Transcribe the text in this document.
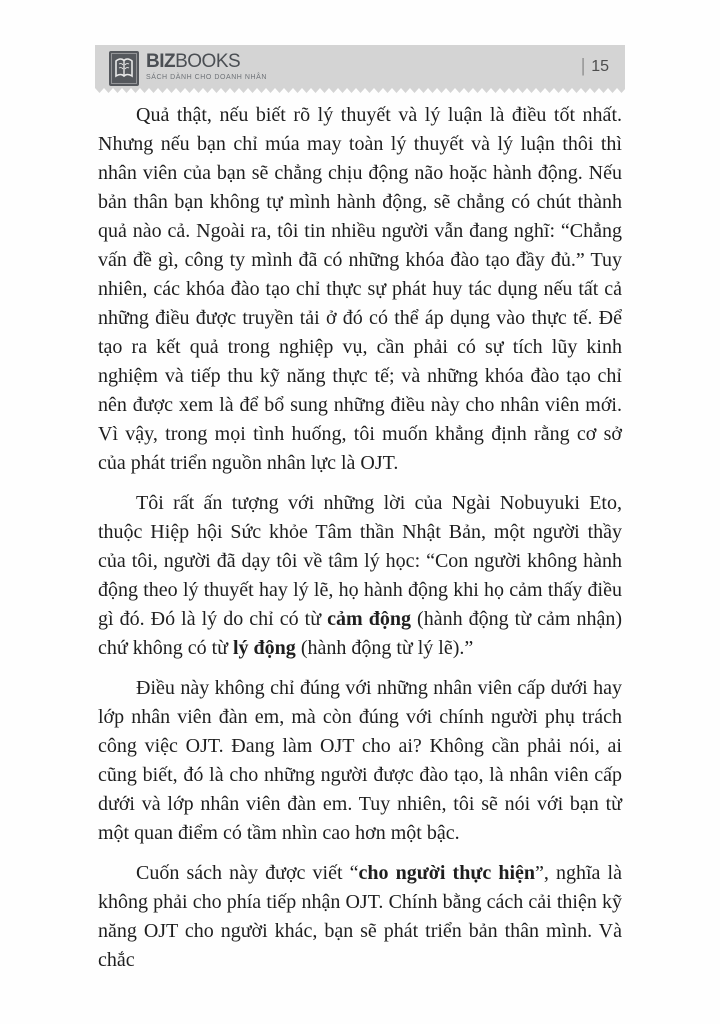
BIZBOOKS
SÁCH DÀNH CHO DOANH NHÂN
| 15

Quả thật, nếu biết rõ lý thuyết và lý luận là điều tốt nhất. Nhưng nếu bạn chỉ múa may toàn lý thuyết và lý luận thôi thì nhân viên của bạn sẽ chẳng chịu động não hoặc hành động. Nếu bản thân bạn không tự mình hành động, sẽ chẳng có chút thành quả nào cả. Ngoài ra, tôi tin nhiều người vẫn đang nghĩ: “Chẳng vấn đề gì, công ty mình đã có những khóa đào tạo đầy đủ.” Tuy nhiên, các khóa đào tạo chỉ thực sự phát huy tác dụng nếu tất cả những điều được truyền tải ở đó có thể áp dụng vào thực tế. Để tạo ra kết quả trong nghiệp vụ, cần phải có sự tích lũy kinh nghiệm và tiếp thu kỹ năng thực tế; và những khóa đào tạo chỉ nên được xem là để bổ sung những điều này cho nhân viên mới. Vì vậy, trong mọi tình huống, tôi muốn khẳng định rằng cơ sở của phát triển nguồn nhân lực là OJT.

Tôi rất ấn tượng với những lời của Ngài Nobuyuki Eto, thuộc Hiệp hội Sức khỏe Tâm thần Nhật Bản, một người thầy của tôi, người đã dạy tôi về tâm lý học: “Con người không hành động theo lý thuyết hay lý lẽ, họ hành động khi họ cảm thấy điều gì đó. Đó là lý do chỉ có từ cảm động (hành động từ cảm nhận) chứ không có từ lý động (hành động từ lý lẽ).”

Điều này không chỉ đúng với những nhân viên cấp dưới hay lớp nhân viên đàn em, mà còn đúng với chính người phụ trách công việc OJT. Đang làm OJT cho ai? Không cần phải nói, ai cũng biết, đó là cho những người được đào tạo, là nhân viên cấp dưới và lớp nhân viên đàn em. Tuy nhiên, tôi sẽ nói với bạn từ một quan điểm có tầm nhìn cao hơn một bậc.

Cuốn sách này được viết “cho người thực hiện”, nghĩa là không phải cho phía tiếp nhận OJT. Chính bằng cách cải thiện kỹ năng OJT cho người khác, bạn sẽ phát triển bản thân mình. Và chắc
